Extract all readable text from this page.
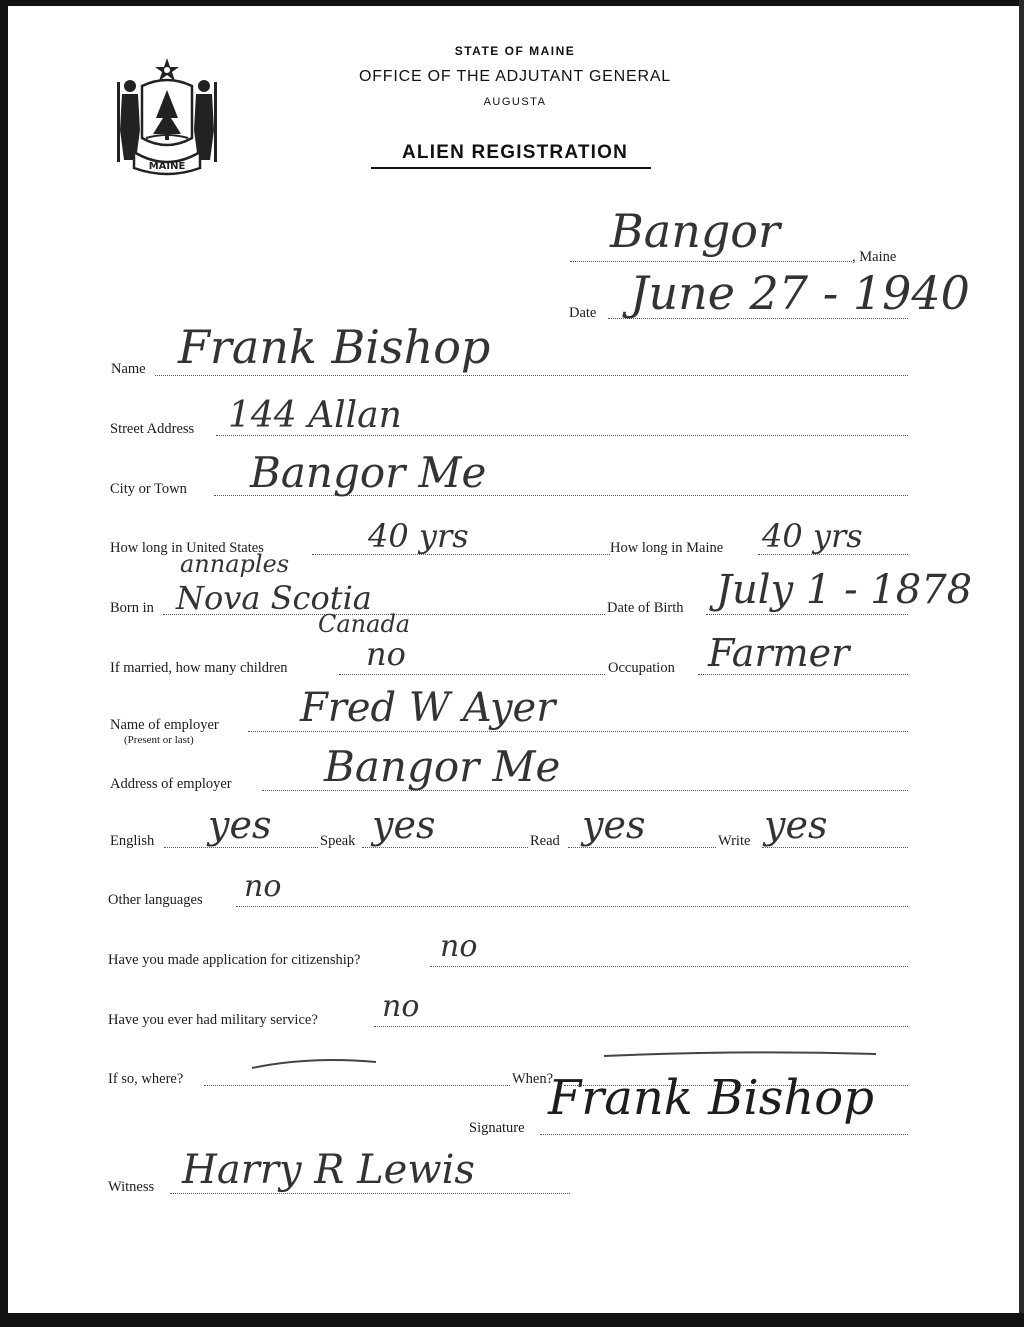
MAINE
STATE OF MAINE
OFFICE OF THE ADJUTANT GENERAL
AUGUSTA
ALIEN REGISTRATION
, Maine
Bangor
Date June 27 - 1940
Name Frank Bishop
Street Address 144 Allan
City or Town Bangor Me
How long in United States	40 yrs	How long in Maine 40 yrs
annaples
Born in Nova Scotia
Canada
Date of Birth July 1 - 1878
If married, how many children no	Occupation Farmer
Name of employer
(Present or last)
Fred W Ayer
Address of employer Bangor Me
English yes	Speak yes	Read yes	Write yes
Other languages no
Have you made application for citizenship?	no
Have you ever had military service? no
If so, where?	When?
Signature
Frank Bishop
Witness Harry R Lewis
